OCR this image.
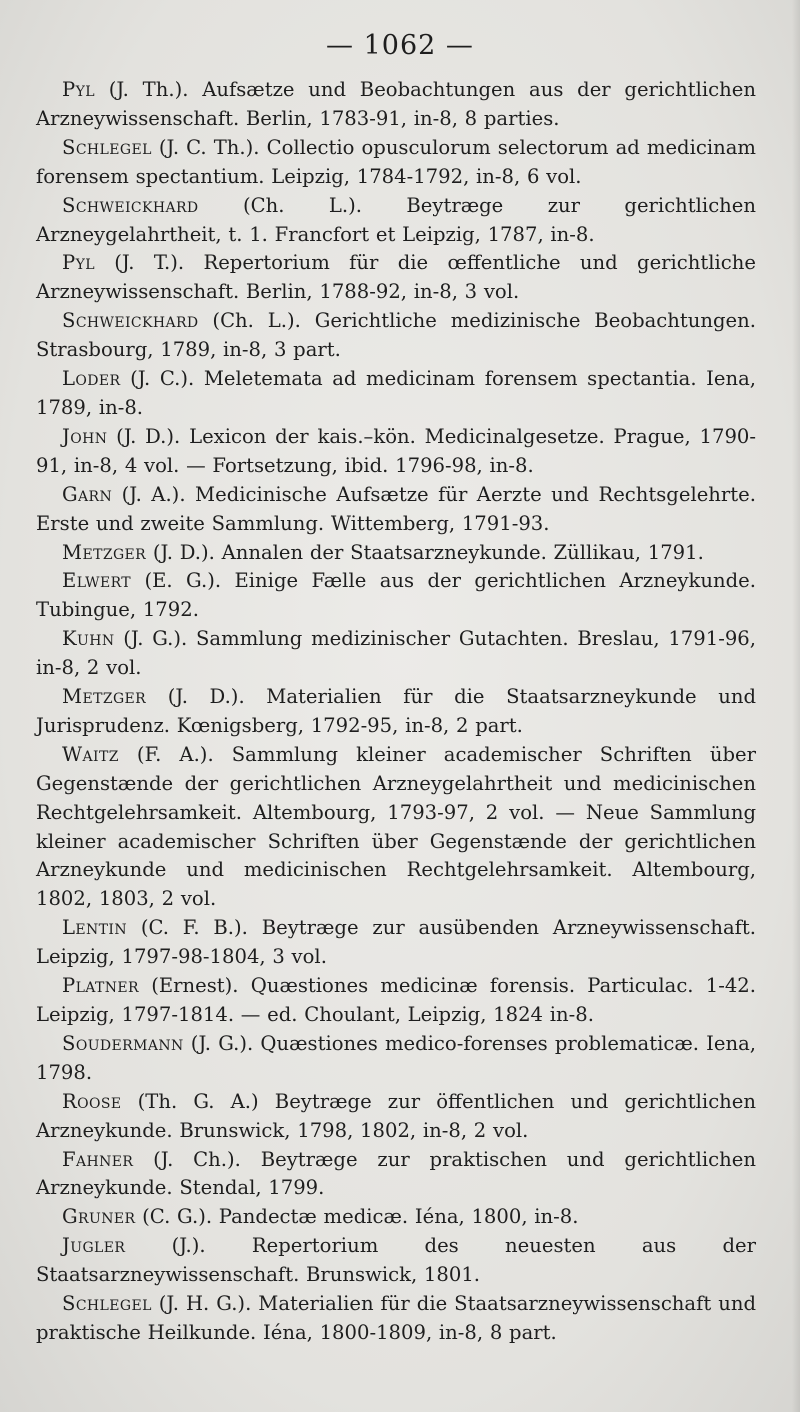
— 1062 —

Pyl (J. Th.). Aufsætze und Beobachtungen aus der gerichtlichen Arzneywissenschaft. Berlin, 1783-91, in-8, 8 parties.

Schlegel (J. C. Th.). Collectio opusculorum selectorum ad medicinam forensem spectantium. Leipzig, 1784-1792, in-8, 6 vol.

Schweickhard (Ch. L.). Beytræge zur gerichtlichen Arzneygelahrtheit, t. 1. Francfort et Leipzig, 1787, in-8.

Pyl (J. T.). Repertorium für die œffentliche und gerichtliche Arzneywissenschaft. Berlin, 1788-92, in-8, 3 vol.

Schweickhard (Ch. L.). Gerichtliche medizinische Beobachtungen. Strasbourg, 1789, in-8, 3 part.

Loder (J. C.). Meletemata ad medicinam forensem spectantia. Iena, 1789, in-8.

John (J. D.). Lexicon der kais.–kön. Medicinalgesetze. Prague, 1790-91, in-8, 4 vol. — Fortsetzung, ibid. 1796-98, in-8.

Garn (J. A.). Medicinische Aufsætze für Aerzte und Rechtsgelehrte. Erste und zweite Sammlung. Wittemberg, 1791-93.

Metzger (J. D.). Annalen der Staatsarzneykunde. Züllikau, 1791.

Elwert (E. G.). Einige Fælle aus der gerichtlichen Arzneykunde. Tubingue, 1792.

Kuhn (J. G.). Sammlung medizinischer Gutachten. Breslau, 1791-96, in-8, 2 vol.

Metzger (J. D.). Materialien für die Staatsarzneykunde und Jurisprudenz. Kœnigsberg, 1792-95, in-8, 2 part.

Waitz (F. A.). Sammlung kleiner academischer Schriften über Gegenstænde der gerichtlichen Arzneygelahrtheit und medicinischen Rechtgelehrsamkeit. Altembourg, 1793-97, 2 vol. — Neue Sammlung kleiner academischer Schriften über Gegenstænde der gerichtlichen Arzneykunde und medicinischen Rechtgelehrsamkeit. Altembourg, 1802, 1803, 2 vol.

Lentin (C. F. B.). Beytræge zur ausübenden Arzneywissenschaft. Leipzig, 1797-98-1804, 3 vol.

Platner (Ernest). Quæstiones medicinæ forensis. Particulac. 1-42. Leipzig, 1797-1814. — ed. Choulant, Leipzig, 1824 in-8.

Soudermann (J. G.). Quæstiones medico-forenses problematicæ. Iena, 1798.

Roose (Th. G. A.) Beytræge zur öffentlichen und gerichtlichen Arzneykunde. Brunswick, 1798, 1802, in-8, 2 vol.

Fahner (J. Ch.). Beytræge zur praktischen und gerichtlichen Arzneykunde. Stendal, 1799.

Gruner (C. G.). Pandectæ medicæ. Iéna, 1800, in-8.

Jugler (J.). Repertorium des neuesten aus der Staatsarzneywissenschaft. Brunswick, 1801.

Schlegel (J. H. G.). Materialien für die Staatsarzneywissenschaft und praktische Heilkunde. Iéna, 1800-1809, in-8, 8 part.
